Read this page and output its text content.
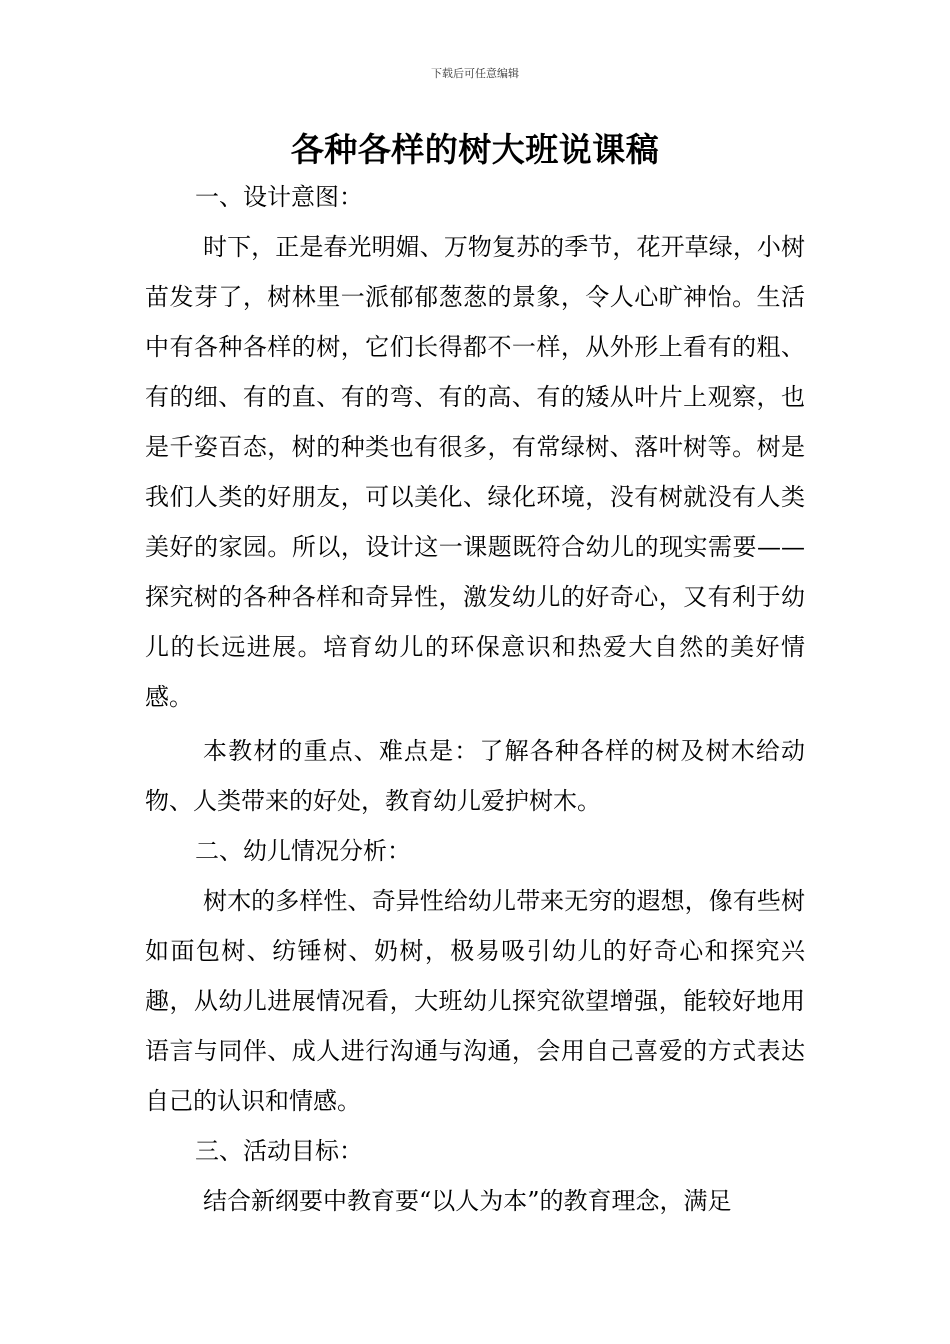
下载后可任意编辑
各种各样的树大班说课稿

一、设计意图：

时下，正是春光明媚、万物复苏的季节，花开草绿，小树苗发芽了，树林里一派郁郁葱葱的景象，令人心旷神怡。生活中有各种各样的树，它们长得都不一样，从外形上看有的粗、有的细、有的直、有的弯、有的高、有的矮从叶片上观察，也是千姿百态，树的种类也有很多，有常绿树、落叶树等。树是我们人类的好朋友，可以美化、绿化环境，没有树就没有人类美好的家园。所以，设计这一课题既符合幼儿的现实需要——探究树的各种各样和奇异性，激发幼儿的好奇心，又有利于幼儿的长远进展。培育幼儿的环保意识和热爱大自然的美好情感。

本教材的重点、难点是：了解各种各样的树及树木给动物、人类带来的好处，教育幼儿爱护树木。

二、幼儿情况分析：

树木的多样性、奇异性给幼儿带来无穷的遐想，像有些树如面包树、纺锤树、奶树，极易吸引幼儿的好奇心和探究兴趣，从幼儿进展情况看，大班幼儿探究欲望增强，能较好地用语言与同伴、成人进行沟通与沟通，会用自己喜爱的方式表达自己的认识和情感。

三、活动目标：

结合新纲要中教育要“以人为本”的教育理念，满足
